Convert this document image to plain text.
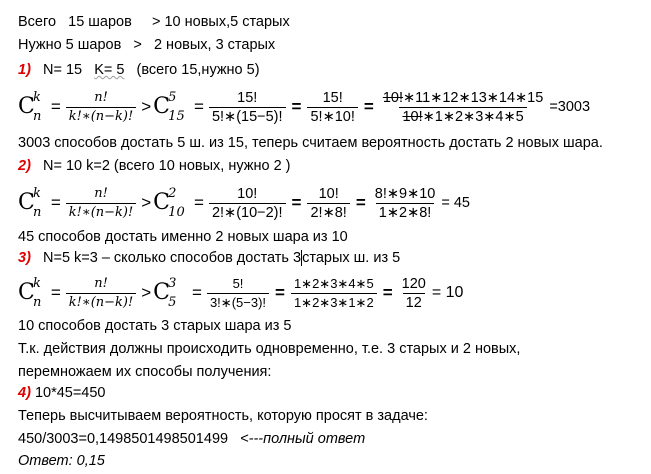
Всего 15 шаров > 10 новых,5 старых
Нужно 5 шаров > 2 новых, 3 старых
1) N= 15 K= 5 (всего 15,нужно 5)
C
k
n
= $\frac{n!}{k!∗(n-k)!} > C$
5
15
= $\frac{15!}{5!∗(15-5)!} = \frac{15!}{5!∗10!} = \frac{10!∗11∗12∗13∗14∗15}{10!∗1∗2∗3∗4∗5} =3003$
3003 способов достать 5 ш. из 15, теперь считаем вероятность достать 2 новых шара.
2) N= 10 k=2 (всего 10 новых, нужно 2 )
C
k
n
= $\frac{n!}{k!∗(n-k)!} > C$
2
10
= $\frac{10!}{2!∗(10-2)!} = \frac{10!}{2!∗8!} = \frac{8!∗9∗10}{1∗2∗8!} = 45$
45 способов достать именно 2 новых шара из 10
3) N=5 k=3 – сколько способов достать 3старых ш. из 5
C
k
n
= $\frac{n!}{k!∗(n-k)!} > C$
3
5
= $\frac{5!}{3!∗(5-3)!} = \frac{1∗2∗3∗4∗5}{1∗2∗3∗1∗2} = \frac{120}{12} = 10$
10 способов достать 3 старых шара из 5
Т.к. действия должны происходить одновременно, т.е. 3 старых и 2 новых,
перемножаем их способы получения:
4) 10*45=450
Теперь высчитываем вероятность, которую просят в задаче:
450/3003=0,1498501498501499 <---полный ответ
Ответ: 0,15
